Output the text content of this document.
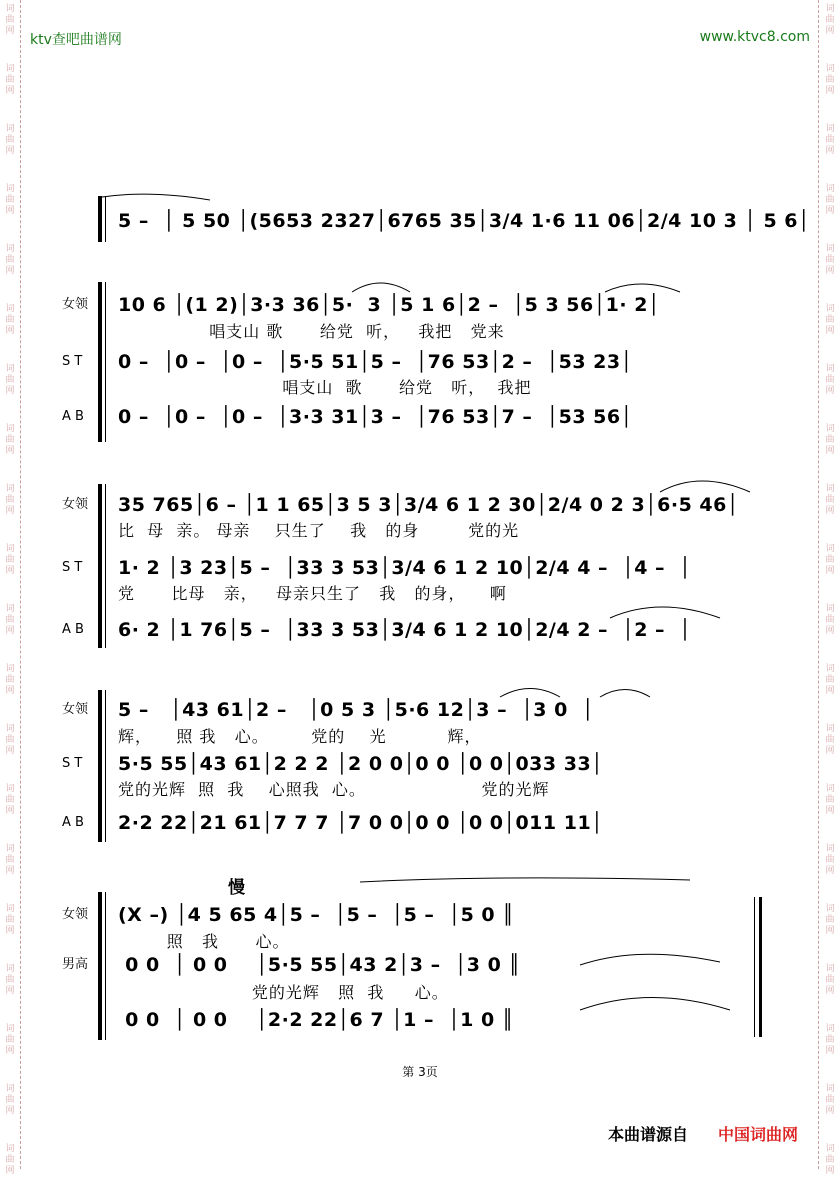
ktv查吧曲谱网	www.ktvc8.com
5 –  │ 5 50 │(5653 2327│6765 35│3/4 1·6 11 06│2/4 10 3 │ 5 6│
女领 10 6 │(1 2)│3·3 36│5·  3 │5 1 6│2 –  │5 3 56│1· 2│
唱支山 歌      给党  听，   我把   党来
S T 0 –  │0 –  │0 –  │5·5 51│5 –  │76 53│2 –  │53 23│
唱支山  歌      给党   听，  我把
A B 0 –  │0 –  │0 –  │3·3 31│3 –  │76 53│7 –  │53 56│
女领 35 765│6 – │1 1 65│3 5 3│3/4 6 1 2 30│2/4 0 2 3│6·5 46│
比  母  亲。 母亲    只生了    我   的身        党的光
S T 1· 2 │3 23│5 –  │33 3 53│3/4 6 1 2 10│2/4 4 –  │4 –  │
党      比母   亲，   母亲只生了   我   的身，    啊
A B 6· 2 │1 76│5 –  │33 3 53│3/4 6 1 2 10│2/4 2 –  │2 –  │
女领 5 –   │43 61│2 –   │0 5 3 │5·6 12│3 –  │3 0  │
辉，    照 我   心。       党的    光          辉，
S T 5·5 55│43 61│2 2 2 │2 0 0│0 0 │0 0│033 33│
党的光辉  照  我    心照我  心。                   党的光辉
A B 2·2 22│21 61│7 7 7 │7 0 0│0 0 │0 0│011 11│
慢
女领 (X –) │4 5 65 4│5 –  │5 –  │5 –  │5 0 ║
照   我      心。
男高 0 0  │ 0 0    │5·5 55│43 2│3 –  │3 0 ║
党的光辉   照  我     心。
0 0  │ 0 0    │2·2 22│6 7 │1 –  │1 0 ║
第 3页
本曲谱源自 中国词曲网
词
曲
网
词
曲
网
词
曲
网
词
曲
网
词
曲
网
词
曲
网
词
曲
网
词
曲
网
词
曲
网
词
曲
网
词
曲
网
词
曲
网
词
曲
网
词
曲
网
词
曲
网
词
曲
网
词
曲
网
词
曲
网
词
曲
网
词
曲
网
词
曲
网
词
曲
网
词
曲
网
词
曲
网
词
曲
网
词
曲
网
词
曲
网
词
曲
网
词
曲
网
词
曲
网
词
曲
网
词
曲
网
词
曲
网
词
曲
网
词
曲
网
词
曲
网
词
曲
网
词
曲
网
词
曲
网
词
曲
网
